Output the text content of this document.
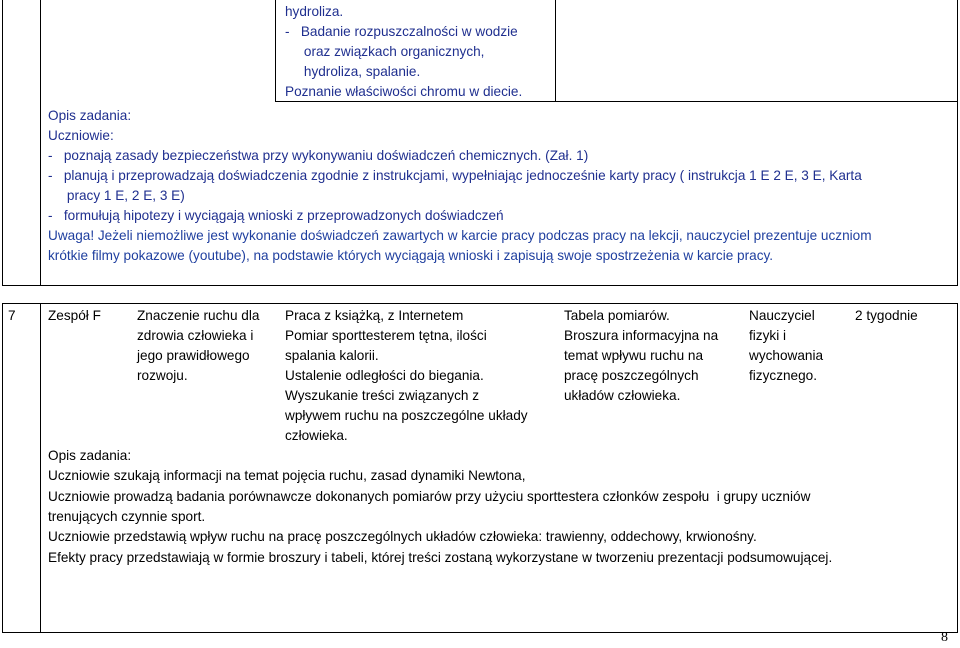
hydroliza.
-   Badanie rozpuszczalności w wodzie
oraz związkach organicznych,
hydroliza, spalanie.
Poznanie właściwości chromu w diecie.
Opis zadania:
Uczniowie:
-   poznają zasady bezpieczeństwa przy wykonywaniu doświadczeń chemicznych. (Zał. 1)
-   planują i przeprowadzają doświadczenia zgodnie z instrukcjami, wypełniając jednocześnie karty pracy ( instrukcja 1 E 2 E, 3 E, Karta
pracy 1 E, 2 E, 3 E)
-   formułują hipotezy i wyciągają wnioski z przeprowadzonych doświadczeń
Uwaga! Jeżeli niemożliwe jest wykonanie doświadczeń zawartych w karcie pracy podczas pracy na lekcji, nauczyciel prezentuje uczniom
krótkie filmy pokazowe (youtube), na podstawie których wyciągają wnioski i zapisują swoje spostrzeżenia w karcie pracy.
7 Zespół F	Znaczenie ruchu dla
zdrowia człowieka i
jego prawidłowego
rozwoju.
Praca z książką, z Internetem
Pomiar sporttesterem tętna, ilości
spalania kalorii.
Ustalenie odległości do biegania.
Wyszukanie treści związanych z
wpływem ruchu na poszczególne układy
człowieka.
Tabela pomiarów.
Broszura informacyjna na
temat wpływu ruchu na
pracę poszczególnych
układów człowieka.
Nauczyciel
fizyki i
wychowania
fizycznego.
2 tygodnie
Opis zadania:
Uczniowie szukają informacji na temat pojęcia ruchu, zasad dynamiki Newtona,
Uczniowie prowadzą badania porównawcze dokonanych pomiarów przy użyciu sporttestera członków zespołu  i grupy uczniów
trenujących czynnie sport.
Uczniowie przedstawią wpływ ruchu na pracę poszczególnych układów człowieka: trawienny, oddechowy, krwionośny.
Efekty pracy przedstawiają w formie broszury i tabeli, której treści zostaną wykorzystane w tworzeniu prezentacji podsumowującej.
8
